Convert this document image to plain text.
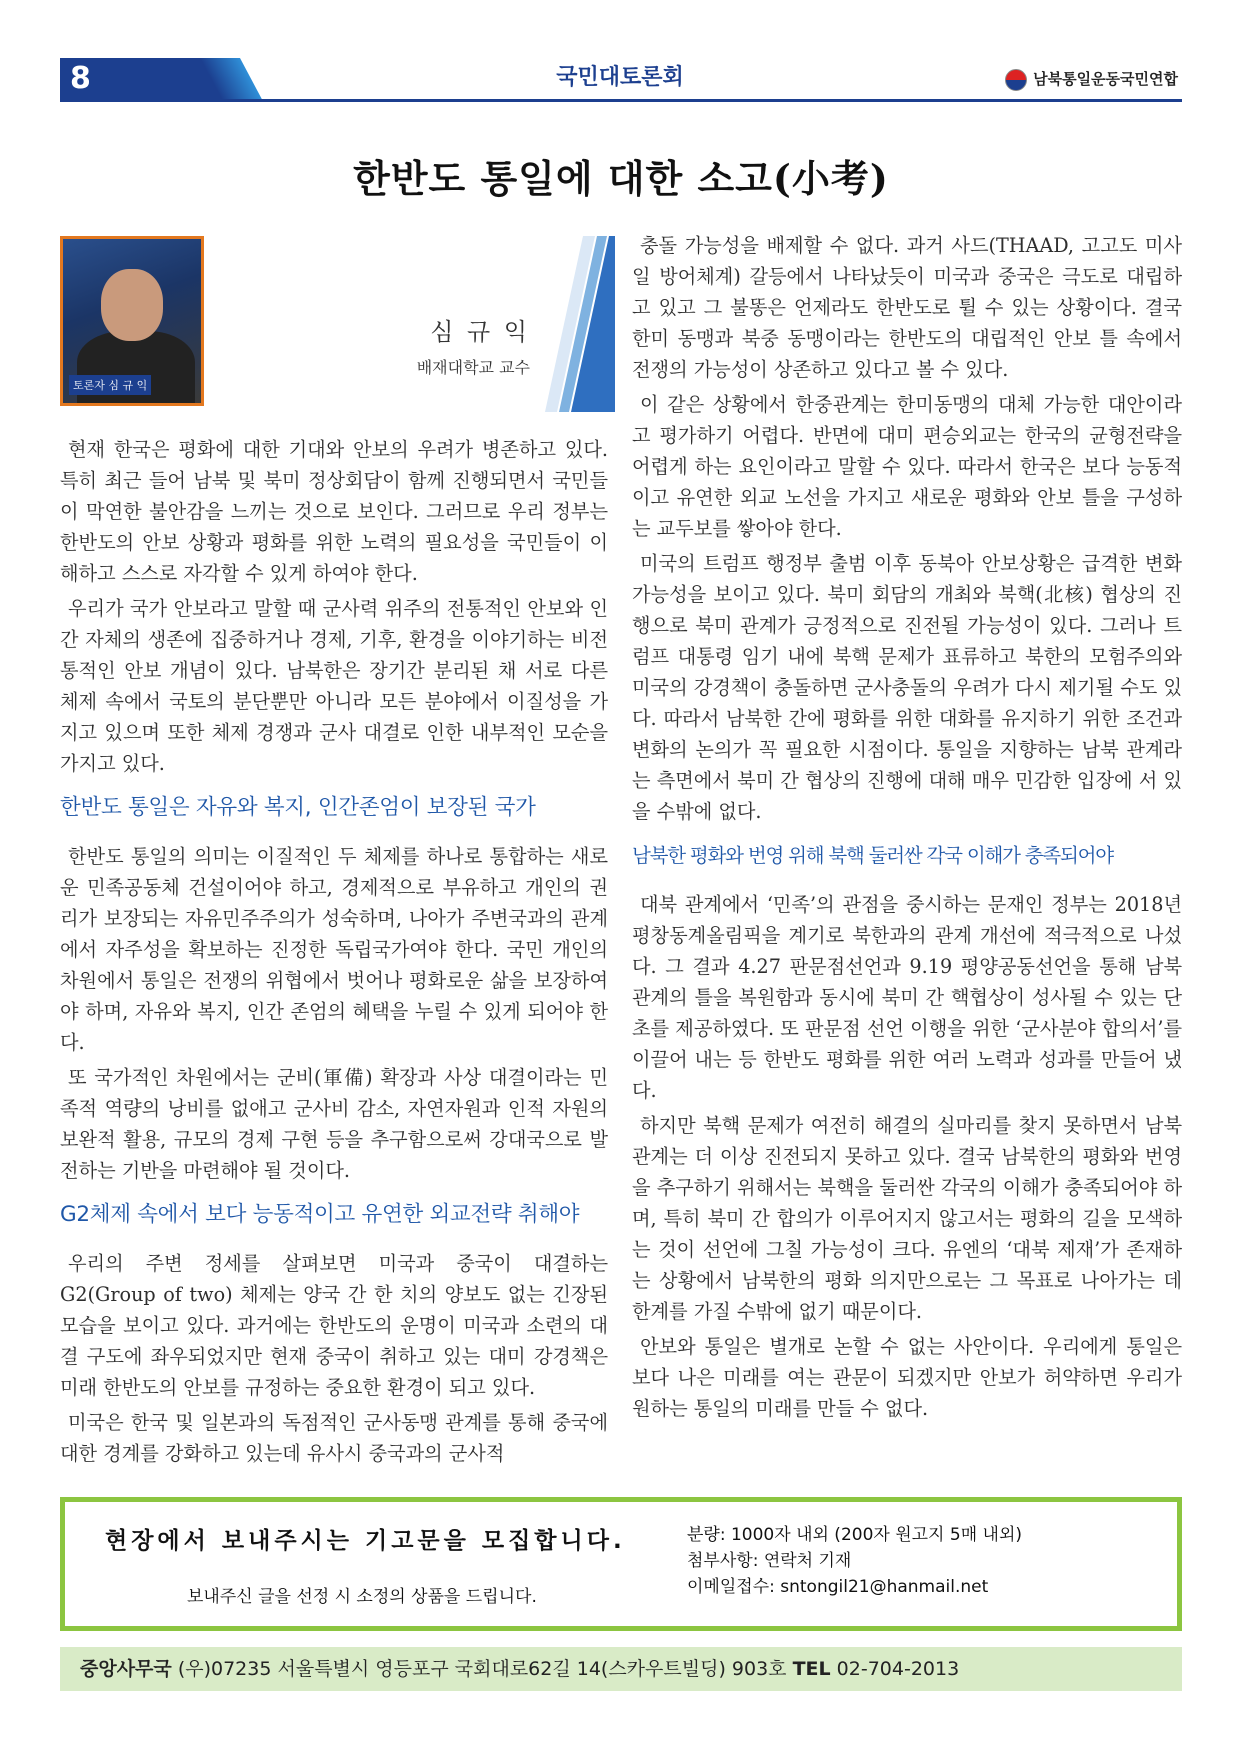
8	국민대토론회	남북통일운동국민연합
한반도 통일에 대한 소고(小考)
토론자 심 규 익
심 규 익
배재대학교 교수

현재 한국은 평화에 대한 기대와 안보의 우려가 병존하고 있다. 특히 최근 들어 남북 및 북미 정상회담이 함께 진행되면서 국민들이 막연한 불안감을 느끼는 것으로 보인다. 그러므로 우리 정부는 한반도의 안보 상황과 평화를 위한 노력의 필요성을 국민들이 이해하고 스스로 자각할 수 있게 하여야 한다.

우리가 국가 안보라고 말할 때 군사력 위주의 전통적인 안보와 인간 자체의 생존에 집중하거나 경제, 기후, 환경을 이야기하는 비전통적인 안보 개념이 있다. 남북한은 장기간 분리된 채 서로 다른 체제 속에서 국토의 분단뿐만 아니라 모든 분야에서 이질성을 가지고 있으며 또한 체제 경쟁과 군사 대결로 인한 내부적인 모순을 가지고 있다.

한반도 통일은 자유와 복지, 인간존엄이 보장된 국가

한반도 통일의 의미는 이질적인 두 체제를 하나로 통합하는 새로운 민족공동체 건설이어야 하고, 경제적으로 부유하고 개인의 권리가 보장되는 자유민주주의가 성숙하며, 나아가 주변국과의 관계에서 자주성을 확보하는 진정한 독립국가여야 한다. 국민 개인의 차원에서 통일은 전쟁의 위협에서 벗어나 평화로운 삶을 보장하여야 하며, 자유와 복지, 인간 존엄의 혜택을 누릴 수 있게 되어야 한다.

또 국가적인 차원에서는 군비(軍備) 확장과 사상 대결이라는 민족적 역량의 낭비를 없애고 군사비 감소, 자연자원과 인적 자원의 보완적 활용, 규모의 경제 구현 등을 추구함으로써 강대국으로 발전하는 기반을 마련해야 될 것이다.

G2체제 속에서 보다 능동적이고 유연한 외교전략 취해야

우리의 주변 정세를 살펴보면 미국과 중국이 대결하는 G2(Group of two) 체제는 양국 간 한 치의 양보도 없는 긴장된 모습을 보이고 있다. 과거에는 한반도의 운명이 미국과 소련의 대결 구도에 좌우되었지만 현재 중국이 취하고 있는 대미 강경책은 미래 한반도의 안보를 규정하는 중요한 환경이 되고 있다.

미국은 한국 및 일본과의 독점적인 군사동맹 관계를 통해 중국에 대한 경계를 강화하고 있는데 유사시 중국과의 군사적

충돌 가능성을 배제할 수 없다. 과거 사드(THAAD, 고고도 미사일 방어체계) 갈등에서 나타났듯이 미국과 중국은 극도로 대립하고 있고 그 불똥은 언제라도 한반도로 튈 수 있는 상황이다. 결국 한미 동맹과 북중 동맹이라는 한반도의 대립적인 안보 틀 속에서 전쟁의 가능성이 상존하고 있다고 볼 수 있다.

이 같은 상황에서 한중관계는 한미동맹의 대체 가능한 대안이라고 평가하기 어렵다. 반면에 대미 편승외교는 한국의 균형전략을 어렵게 하는 요인이라고 말할 수 있다. 따라서 한국은 보다 능동적이고 유연한 외교 노선을 가지고 새로운 평화와 안보 틀을 구성하는 교두보를 쌓아야 한다.

미국의 트럼프 행정부 출범 이후 동북아 안보상황은 급격한 변화 가능성을 보이고 있다. 북미 회담의 개최와 북핵(北核) 협상의 진행으로 북미 관계가 긍정적으로 진전될 가능성이 있다. 그러나 트럼프 대통령 임기 내에 북핵 문제가 표류하고 북한의 모험주의와 미국의 강경책이 충돌하면 군사충돌의 우려가 다시 제기될 수도 있다. 따라서 남북한 간에 평화를 위한 대화를 유지하기 위한 조건과 변화의 논의가 꼭 필요한 시점이다. 통일을 지향하는 남북 관계라는 측면에서 북미 간 협상의 진행에 대해 매우 민감한 입장에 서 있을 수밖에 없다.

남북한 평화와 번영 위해 북핵 둘러싼 각국 이해가 충족되어야

대북 관계에서 ‘민족’의 관점을 중시하는 문재인 정부는 2018년 평창동계올림픽을 계기로 북한과의 관계 개선에 적극적으로 나섰다. 그 결과 4.27 판문점선언과 9.19 평양공동선언을 통해 남북 관계의 틀을 복원함과 동시에 북미 간 핵협상이 성사될 수 있는 단초를 제공하였다. 또 판문점 선언 이행을 위한 ‘군사분야 합의서’를 이끌어 내는 등 한반도 평화를 위한 여러 노력과 성과를 만들어 냈다.

하지만 북핵 문제가 여전히 해결의 실마리를 찾지 못하면서 남북 관계는 더 이상 진전되지 못하고 있다. 결국 남북한의 평화와 번영을 추구하기 위해서는 북핵을 둘러싼 각국의 이해가 충족되어야 하며, 특히 북미 간 합의가 이루어지지 않고서는 평화의 길을 모색하는 것이 선언에 그칠 가능성이 크다. 유엔의 ‘대북 제재’가 존재하는 상황에서 남북한의 평화 의지만으로는 그 목표로 나아가는 데 한계를 가질 수밖에 없기 때문이다.

안보와 통일은 별개로 논할 수 없는 사안이다. 우리에게 통일은 보다 나은 미래를 여는 관문이 되겠지만 안보가 허약하면 우리가 원하는 통일의 미래를 만들 수 없다.

현장에서 보내주시는 기고문을 모집합니다.
보내주신 글을 선정 시 소정의 상품을 드립니다.
분량: 1000자 내외 (200자 원고지 5매 내외)
첨부사항: 연락처 기재
이메일접수: sntongil21@hanmail.net
중앙사무국 (우)07235 서울특별시 영등포구 국회대로62길 14(스카우트빌딩) 903호 TEL 02-704-2013
